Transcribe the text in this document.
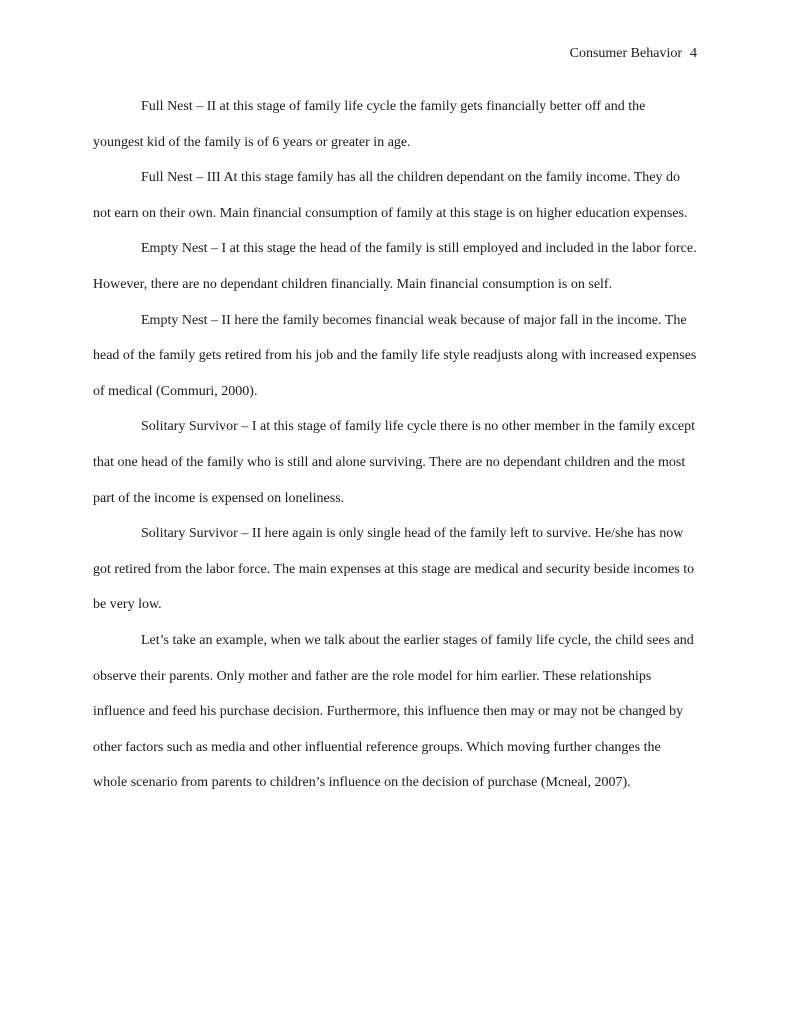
Consumer Behavior 4

Full Nest – II at this stage of family life cycle the family gets financially better off and the youngest kid of the family is of 6 years or greater in age.

Full Nest – III At this stage family has all the children dependant on the family income. They do not earn on their own. Main financial consumption of family at this stage is on higher education expenses.

Empty Nest – I at this stage the head of the family is still employed and included in the labor force. However, there are no dependant children financially. Main financial consumption is on self.

Empty Nest – II here the family becomes financial weak because of major fall in the income. The head of the family gets retired from his job and the family life style readjusts along with increased expenses of medical (Commuri, 2000).

Solitary Survivor – I at this stage of family life cycle there is no other member in the family except that one head of the family who is still and alone surviving. There are no dependant children and the most part of the income is expensed on loneliness.

Solitary Survivor – II here again is only single head of the family left to survive. He/she has now got retired from the labor force. The main expenses at this stage are medical and security beside incomes to be very low.

Let’s take an example, when we talk about the earlier stages of family life cycle, the child sees and observe their parents. Only mother and father are the role model for him earlier. These relationships influence and feed his purchase decision. Furthermore, this influence then may or may not be changed by other factors such as media and other influential reference groups. Which moving further changes the whole scenario from parents to children’s influence on the decision of purchase (Mcneal, 2007).
